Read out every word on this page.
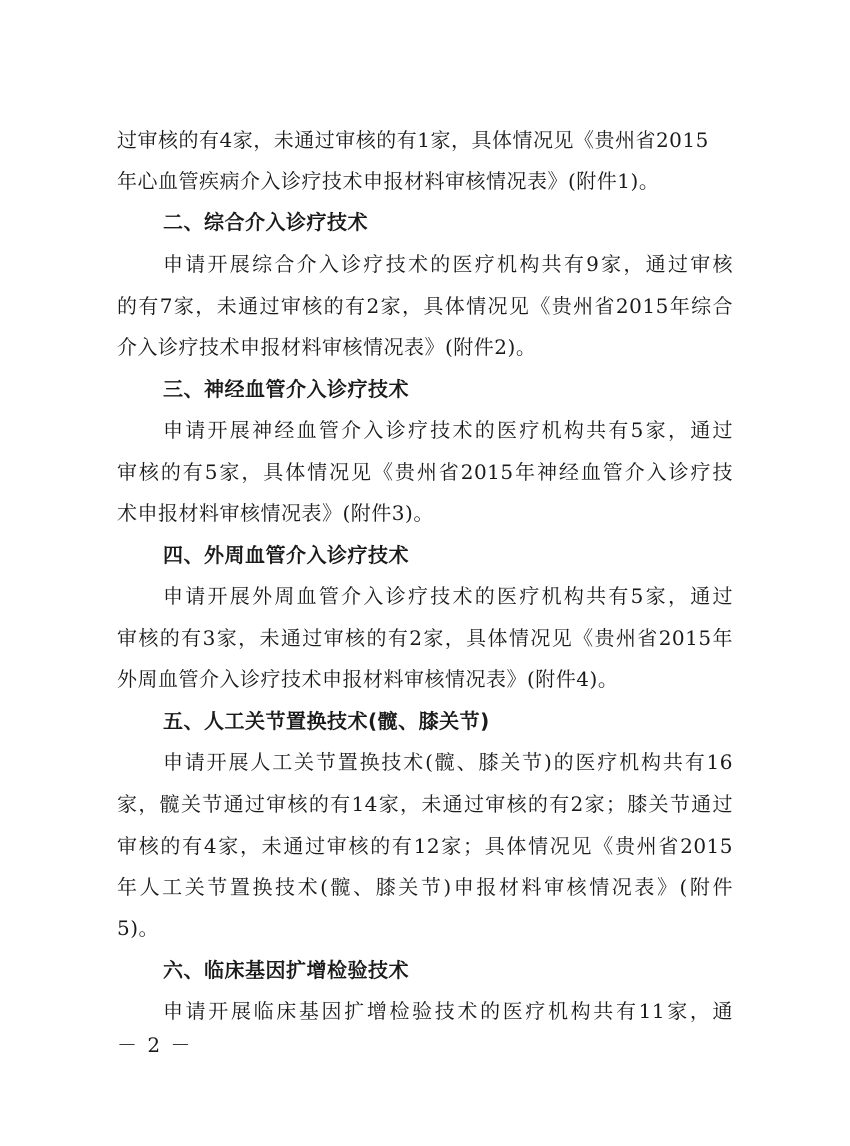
过审核的有4家，未通过审核的有1家，具体情况见《贵州省2015
年心血管疾病介入诊疗技术申报材料审核情况表》(附件1)。
二、综合介入诊疗技术
申请开展综合介入诊疗技术的医疗机构共有9家，通过审核
的有7家，未通过审核的有2家，具体情况见《贵州省2015年综合
介入诊疗技术申报材料审核情况表》(附件2)。
三、神经血管介入诊疗技术
申请开展神经血管介入诊疗技术的医疗机构共有5家，通过
审核的有5家，具体情况见《贵州省2015年神经血管介入诊疗技
术申报材料审核情况表》(附件3)。
四、外周血管介入诊疗技术
申请开展外周血管介入诊疗技术的医疗机构共有5家，通过
审核的有3家，未通过审核的有2家，具体情况见《贵州省2015年
外周血管介入诊疗技术申报材料审核情况表》(附件4)。
五、人工关节置换技术(髋、膝关节)
申请开展人工关节置换技术(髋、膝关节)的医疗机构共有16
家，髋关节通过审核的有14家，未通过审核的有2家；膝关节通过
审核的有4家，未通过审核的有12家；具体情况见《贵州省2015
年人工关节置换技术(髋、膝关节)申报材料审核情况表》(附件
5)。
六、临床基因扩增检验技术
申请开展临床基因扩增检验技术的医疗机构共有11家，通
－ 2 －
